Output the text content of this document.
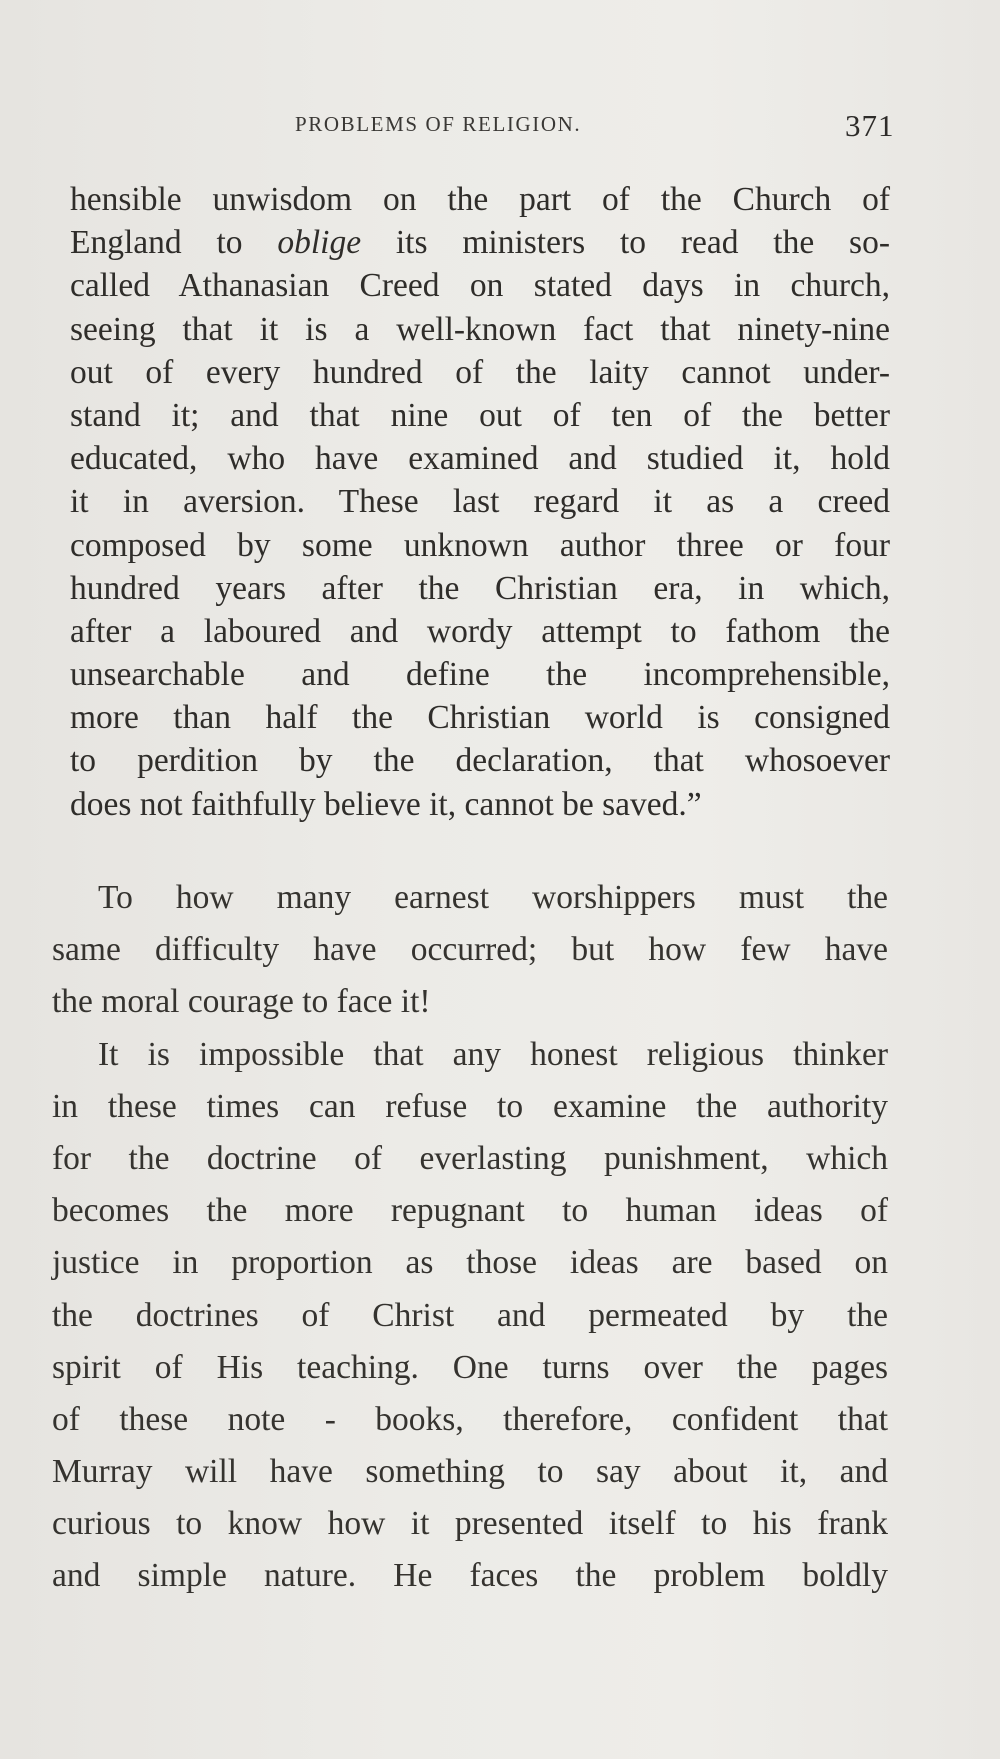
PROBLEMS OF RELIGION.	371
hensible unwisdom on the part of the Church of
England to oblige its ministers to read the so-
called Athanasian Creed on stated days in church,
seeing that it is a well-known fact that ninety-nine
out of every hundred of the laity cannot under-
stand it; and that nine out of ten of the better
educated, who have examined and studied it, hold
it in aversion. These last regard it as a creed
composed by some unknown author three or four
hundred years after the Christian era, in which,
after a laboured and wordy attempt to fathom the
unsearchable and define the incomprehensible,
more than half the Christian world is consigned
to perdition by the declaration, that whosoever
does not faithfully believe it, cannot be saved.”
To how many earnest worshippers must the
same difficulty have occurred; but how few have
the moral courage to face it!
It is impossible that any honest religious thinker
in these times can refuse to examine the authority
for the doctrine of everlasting punishment, which
becomes the more repugnant to human ideas of
justice in proportion as those ideas are based on
the doctrines of Christ and permeated by the
spirit of His teaching. One turns over the pages
of these note - books, therefore, confident that
Murray will have something to say about it, and
curious to know how it presented itself to his frank
and simple nature. He faces the problem boldly
